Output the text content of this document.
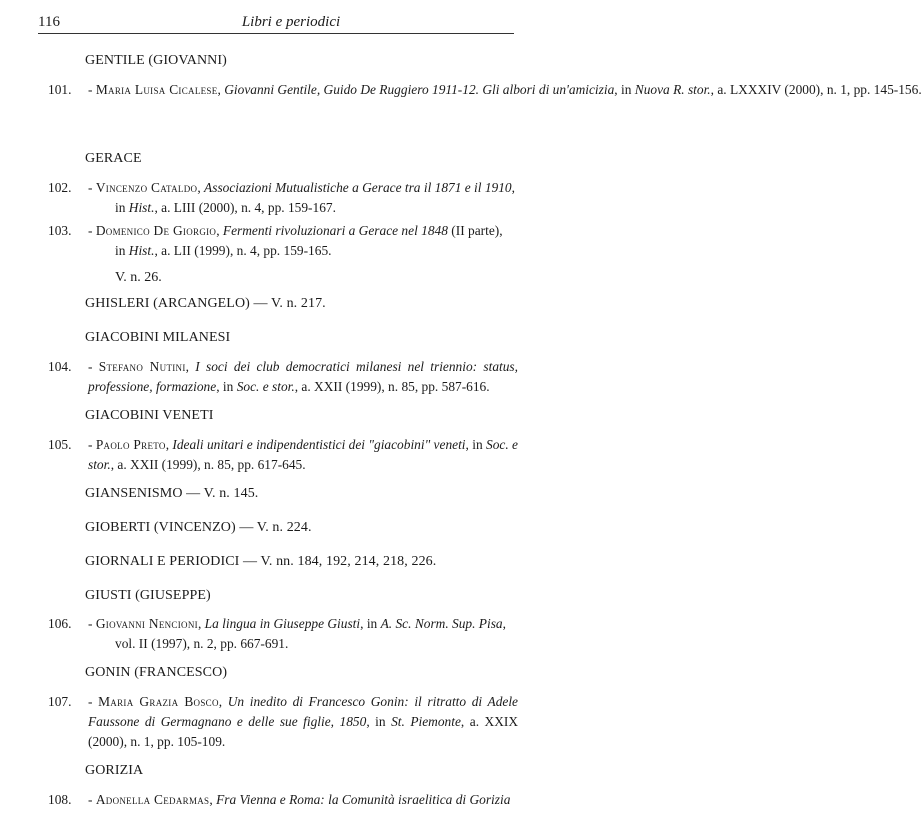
116	Libri e periodici
GENTILE (GIOVANNI)
101. - Maria Luisa Cicalese, Giovanni Gentile, Guido De Ruggiero 1911-12. Gli albori di un'amicizia, in Nuova R. stor., a. LXXXIV (2000), n. 1, pp. 145-156.
GERACE
102. - Vincenzo Cataldo, Associazioni Mutualistiche a Gerace tra il 1871 e il 1910,
in Hist., a. LIII (2000), n. 4, pp. 159-167.
103. - Domenico De Giorgio, Fermenti rivoluzionari a Gerace nel 1848 (II parte),
in Hist., a. LII (1999), n. 4, pp. 159-165.
V. n. 26.
GHISLERI (ARCANGELO) — V. n. 217.
GIACOBINI MILANESI
104. - Stefano Nutini, I soci dei club democratici milanesi nel triennio: status, professione, formazione, in Soc. e stor., a. XXII (1999), n. 85, pp. 587-616.
GIACOBINI VENETI
105. - Paolo Preto, Ideali unitari e indipendentistici dei "giacobini" veneti, in Soc. e stor., a. XXII (1999), n. 85, pp. 617-645.
GIANSENISMO — V. n. 145.
GIOBERTI (VINCENZO) — V. n. 224.
GIORNALI E PERIODICI — V. nn. 184, 192, 214, 218, 226.
GIUSTI (GIUSEPPE)
106. - Giovanni Nencioni, La lingua in Giuseppe Giusti, in A. Sc. Norm. Sup. Pisa,
vol. II (1997), n. 2, pp. 667-691.
GONIN (FRANCESCO)
107. - Maria Grazia Bosco, Un inedito di Francesco Gonin: il ritratto di Adele Faussone di Germagnano e delle sue figlie, 1850, in St. Piemonte, a. XXIX (2000), n. 1, pp. 105-109.
GORIZIA
108. - Adonella Cedarmas, Fra Vienna e Roma: la Comunità israelitica di Gorizia
